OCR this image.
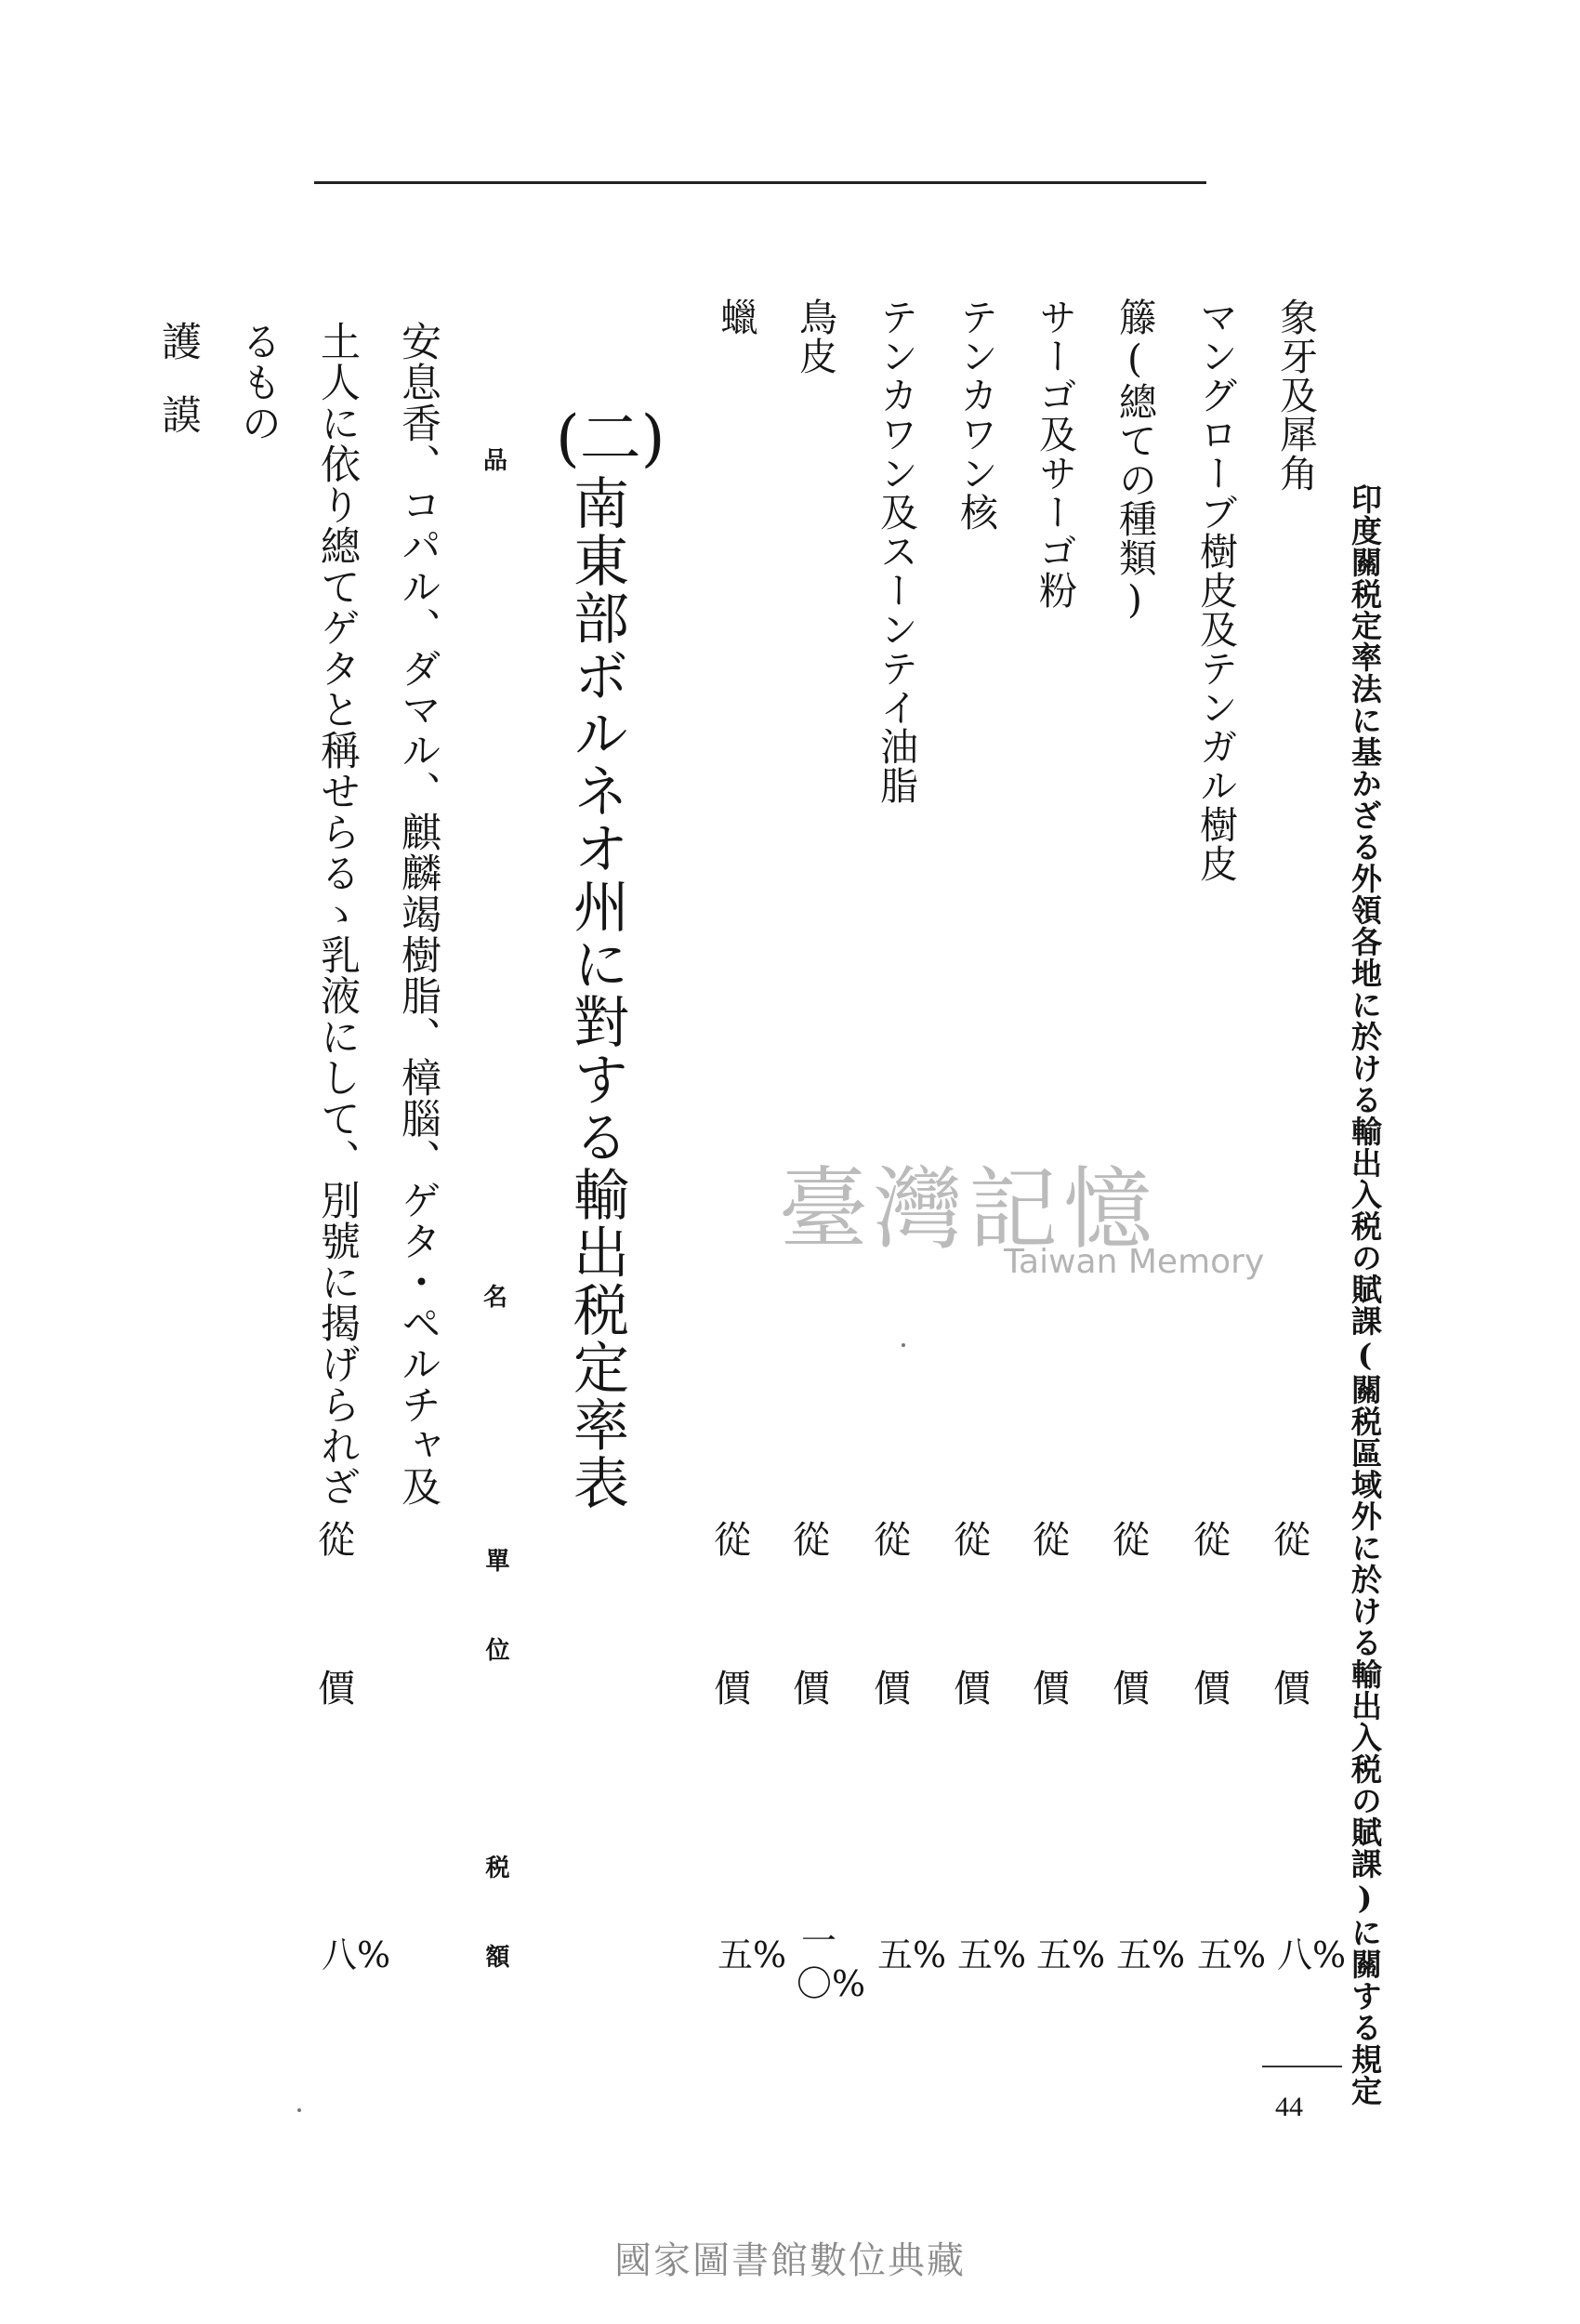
印度關税定率法に基かざる外領各地に於ける輸出入税の賦課(關税區域外に於ける輸出入税の賦課)に關する規定
象牙及犀角
マングローブ樹皮及テンガル樹皮
籐(總ての種類)
サーゴ及サーゴ粉
テンカワン核
テンカワン及スーンテイ油脂
鳥皮
蠟
從
價
八%
從
價
五%
從
價
五%
從
價
五%
從
價
五%
從
價
五%
從
價
一〇%
從
價
五%
(二)
南東部ボルネオ州に對する輸出税定率表
品
名
單 位
税 額
安息香、コパル、ダマル、麒麟竭樹脂、樟腦、ゲタ・ペルチャ及
土人に依り總てゲタと稱せらるゝ乳液にして、別號に揭げられざ
るもの
護謨
從
價
八%
臺灣記憶
Taiwan Memory
44
國家圖書館數位典藏
